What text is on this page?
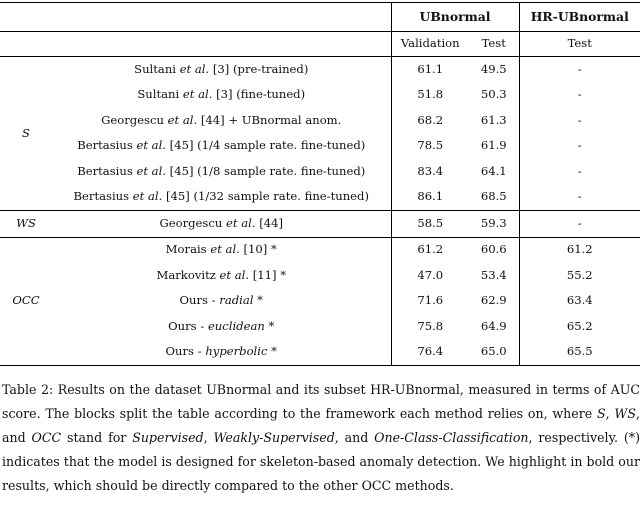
		UBnormal		HR-UBnormal
		Validation	Test	Test
S	Sultani et al. [3] (pre-trained)	61.1	49.5	-
	Sultani et al. [3] (fine-tuned)	51.8	50.3	-
	Georgescu et al. [44] + UBnormal anom.	68.2	61.3	-
	Bertasius et al. [45] (1/4 sample rate. fine-tuned)	78.5	61.9	-
	Bertasius et al. [45] (1/8 sample rate. fine-tuned)	83.4	64.1	-
	Bertasius et al. [45] (1/32 sample rate. fine-tuned)	86.1	68.5	-
WS	Georgescu et al. [44]	58.5	59.3	-
OCC	Morais et al. [10] *	61.2	60.6	61.2
	Markovitz et al. [11] *	47.0	53.4	55.2
	Ours - radial *	71.6	62.9	63.4
	Ours - euclidean *	75.8	64.9	65.2
	Ours - hyperbolic *	76.4	65.0	65.5
Table 2: Results on the dataset UBnormal and its subset HR-UBnormal, measured in terms of AUC score. The blocks split the table according to the framework each method relies on, where S, WS, and OCC stand for Supervised, Weakly-Supervised, and One-Class-Classification, respectively. (*) indicates that the model is designed for skeleton-based anomaly detection. We highlight in bold our results, which should be directly compared to the other OCC methods.
